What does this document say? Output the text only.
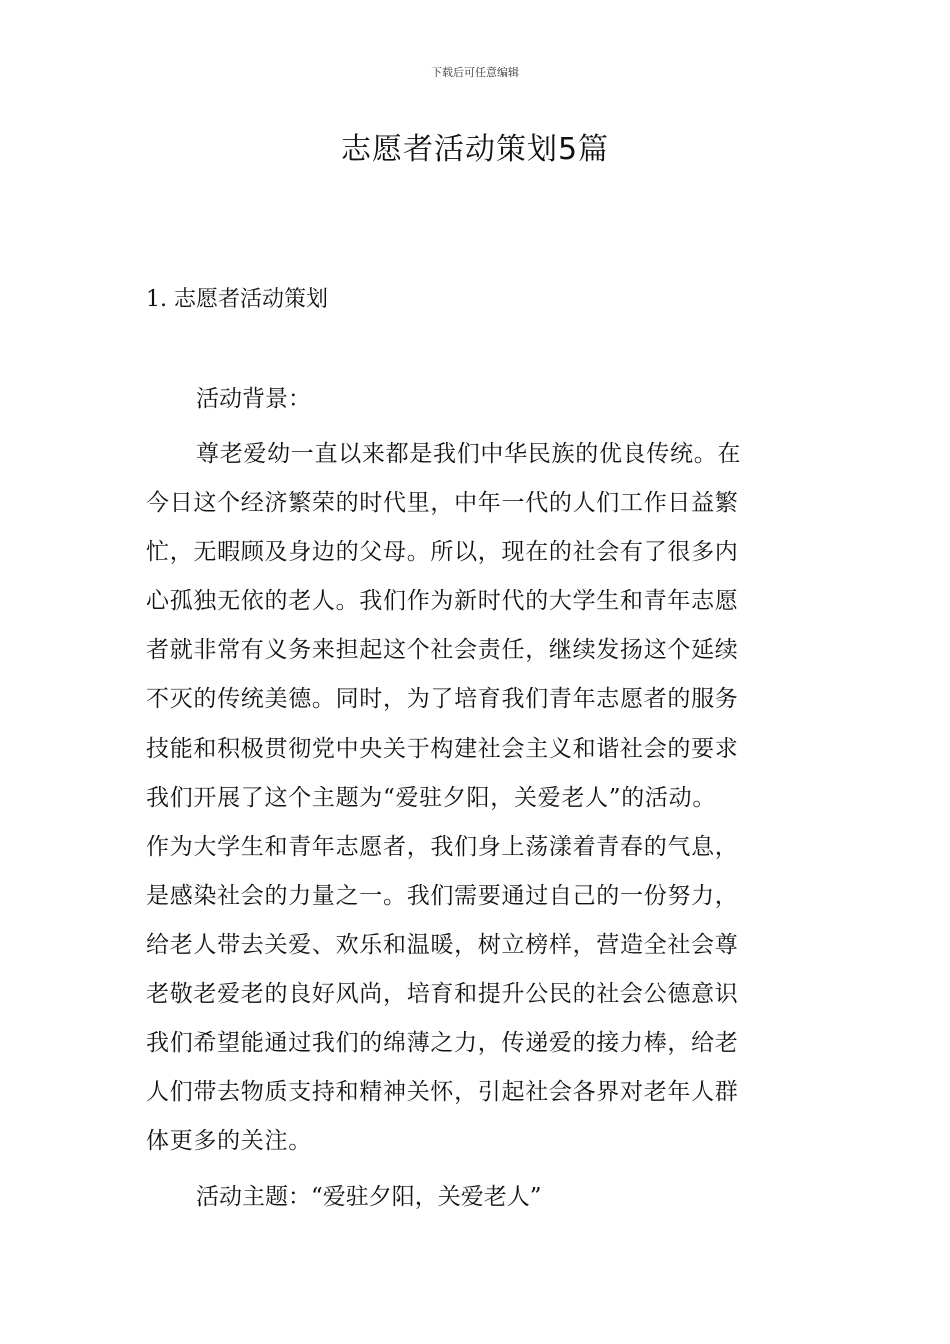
下载后可任意编辑
志愿者活动策划5篇
1. 志愿者活动策划
活动背景：
尊老爱幼一直以来都是我们中华民族的优良传统。在
今日这个经济繁荣的时代里，中年一代的人们工作日益繁
忙，无暇顾及身边的父母。所以，现在的社会有了很多内
心孤独无依的老人。我们作为新时代的大学生和青年志愿
者就非常有义务来担起这个社会责任，继续发扬这个延续
不灭的传统美德。同时，为了培育我们青年志愿者的服务
技能和积极贯彻党中央关于构建社会主义和谐社会的要求
我们开展了这个主题为“爱驻夕阳，关爱老人”的活动。
作为大学生和青年志愿者，我们身上荡漾着青春的气息，
是感染社会的力量之一。我们需要通过自己的一份努力，
给老人带去关爱、欢乐和温暖，树立榜样，营造全社会尊
老敬老爱老的良好风尚，培育和提升公民的社会公德意识
我们希望能通过我们的绵薄之力，传递爱的接力棒，给老
人们带去物质支持和精神关怀，引起社会各界对老年人群
体更多的关注。
活动主题：“爱驻夕阳，关爱老人”
